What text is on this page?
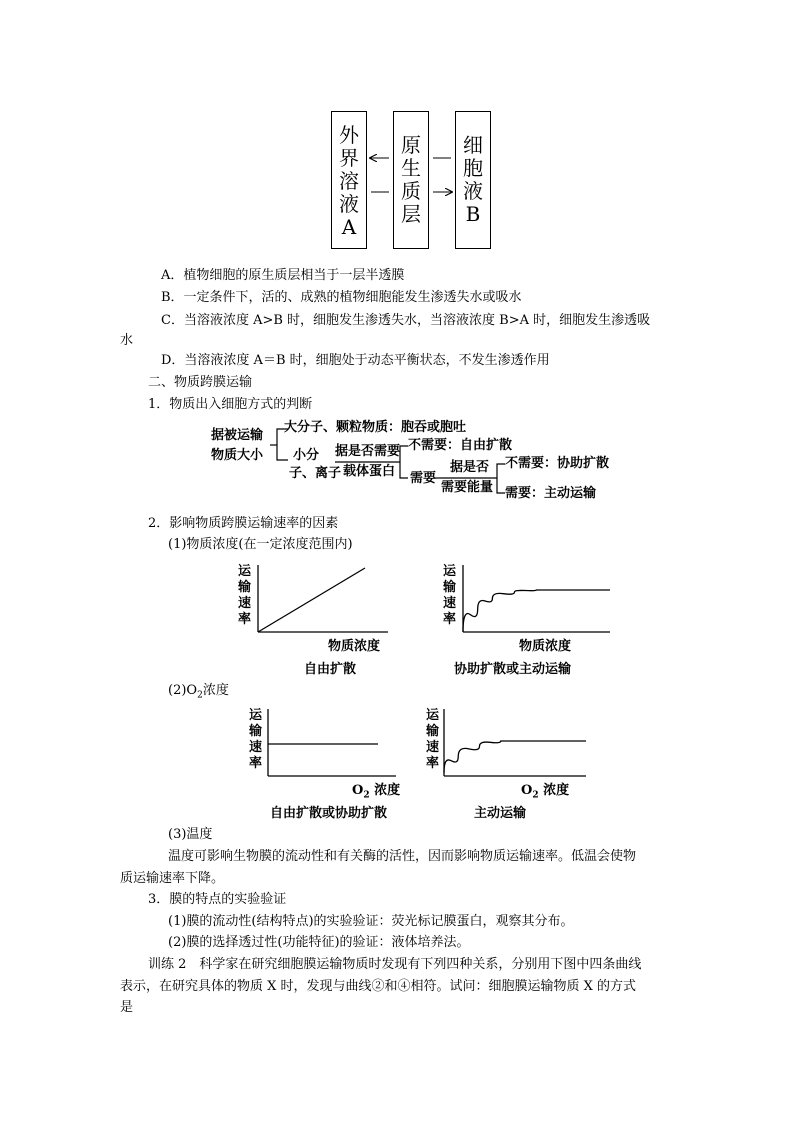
外
界
溶
液
A
原
生
质
层
细
胞
液
B
A．植物细胞的原生质层相当于一层半透膜
B．一定条件下，活的、成熟的植物细胞能发生渗透失水或吸水
C．当溶液浓度 A>B 时，细胞发生渗透失水，当溶液浓度 B>A 时，细胞发生渗透吸
水
D．当溶液浓度 A＝B 时，细胞处于动态平衡状态，不发生渗透作用
二、物质跨膜运输
1．物质出入细胞方式的判断
据被运输
物质大小
大分子、颗粒物质：胞吞或胞吐
小分
子、离子
据是否需要
载体蛋白
不需要：自由扩散
需要
据是否
需要能量
不需要：协助扩散
需要：主动运输
2．影响物质跨膜运输速率的因素
(1)物质浓度(在一定浓度范围内)
运
输
速
率
物质浓度
自由扩散
运
输
速
率
物质浓度
协助扩散或主动运输
$(2)O_2$浓度
运
输
速
率
$O_2$ 浓度
自由扩散或协助扩散
运
输
速
率
$O_2$ 浓度
主动运输
(3)温度
温度可影响生物膜的流动性和有关酶的活性，因而影响物质运输速率。低温会使物
质运输速率下降。
3．膜的特点的实验验证
(1)膜的流动性(结构特点)的实验验证：荧光标记膜蛋白，观察其分布。
(2)膜的选择透过性(功能特征)的验证：液体培养法。
训练 2　科学家在研究细胞膜运输物质时发现有下列四种关系，分别用下图中四条曲线
表示，在研究具体的物质 X 时，发现与曲线②和④相符。试问：细胞膜运输物质 X 的方式
是
